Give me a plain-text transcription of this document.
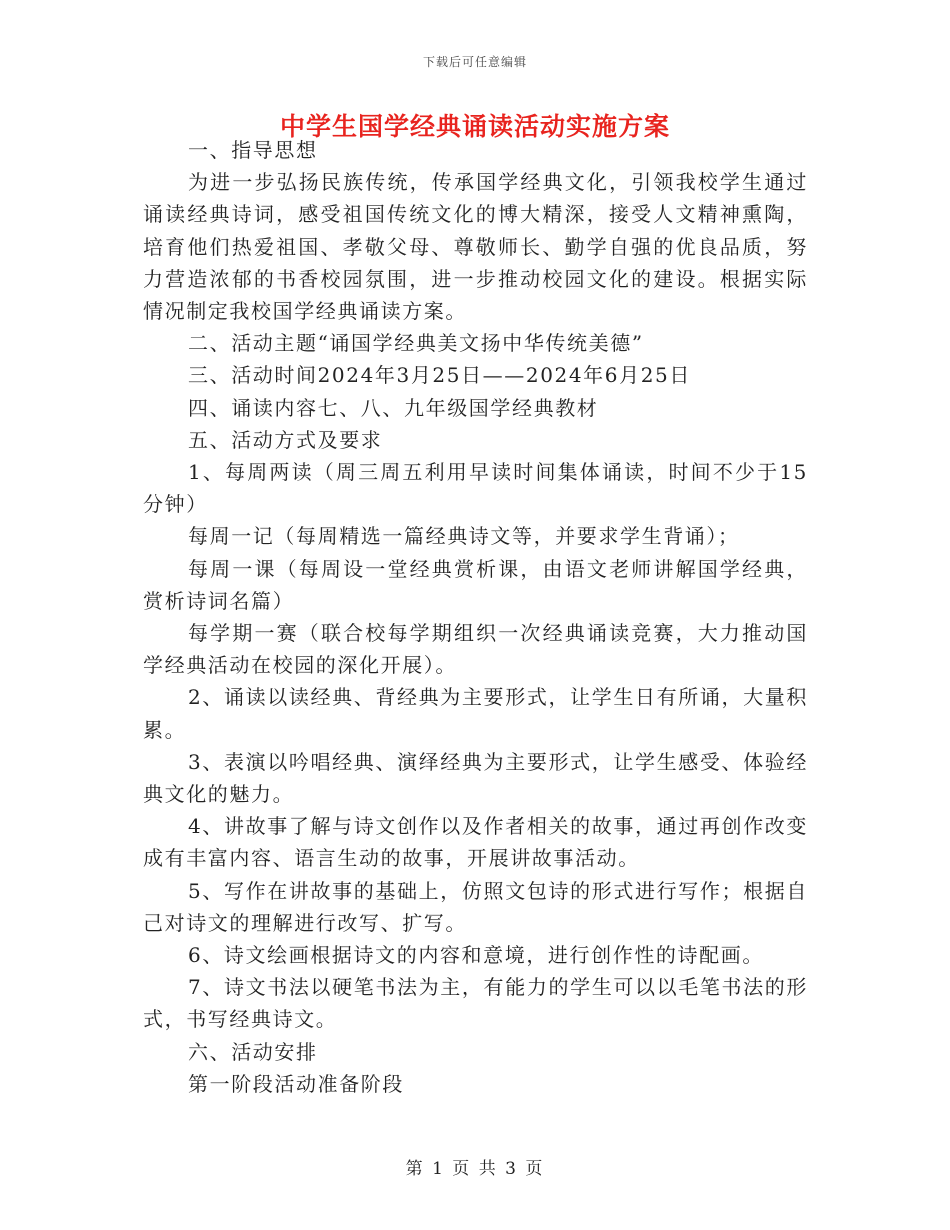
下载后可任意编辑
中学生国学经典诵读活动实施方案

一、指导思想

为进一步弘扬民族传统，传承国学经典文化，引领我校学生通过诵读经典诗词，感受祖国传统文化的博大精深，接受人文精神熏陶，培育他们热爱祖国、孝敬父母、尊敬师长、勤学自强的优良品质，努力营造浓郁的书香校园氛围，进一步推动校园文化的建设。根据实际情况制定我校国学经典诵读方案。

二、活动主题“诵国学经典美文扬中华传统美德”

三、活动时间2024年3月25日——2024年6月25日

四、诵读内容七、八、九年级国学经典教材

五、活动方式及要求

1、每周两读（周三周五利用早读时间集体诵读，时间不少于15分钟）

每周一记（每周精选一篇经典诗文等，并要求学生背诵）；

每周一课（每周设一堂经典赏析课，由语文老师讲解国学经典，赏析诗词名篇）

每学期一赛（联合校每学期组织一次经典诵读竞赛，大力推动国学经典活动在校园的深化开展）。

2、诵读以读经典、背经典为主要形式，让学生日有所诵，大量积累。

3、表演以吟唱经典、演绎经典为主要形式，让学生感受、体验经典文化的魅力。

4、讲故事了解与诗文创作以及作者相关的故事，通过再创作改变成有丰富内容、语言生动的故事，开展讲故事活动。

5、写作在讲故事的基础上，仿照文包诗的形式进行写作；根据自己对诗文的理解进行改写、扩写。

6、诗文绘画根据诗文的内容和意境，进行创作性的诗配画。

7、诗文书法以硬笔书法为主，有能力的学生可以以毛笔书法的形式，书写经典诗文。

六、活动安排

第一阶段活动准备阶段

第 1 页 共 3 页
